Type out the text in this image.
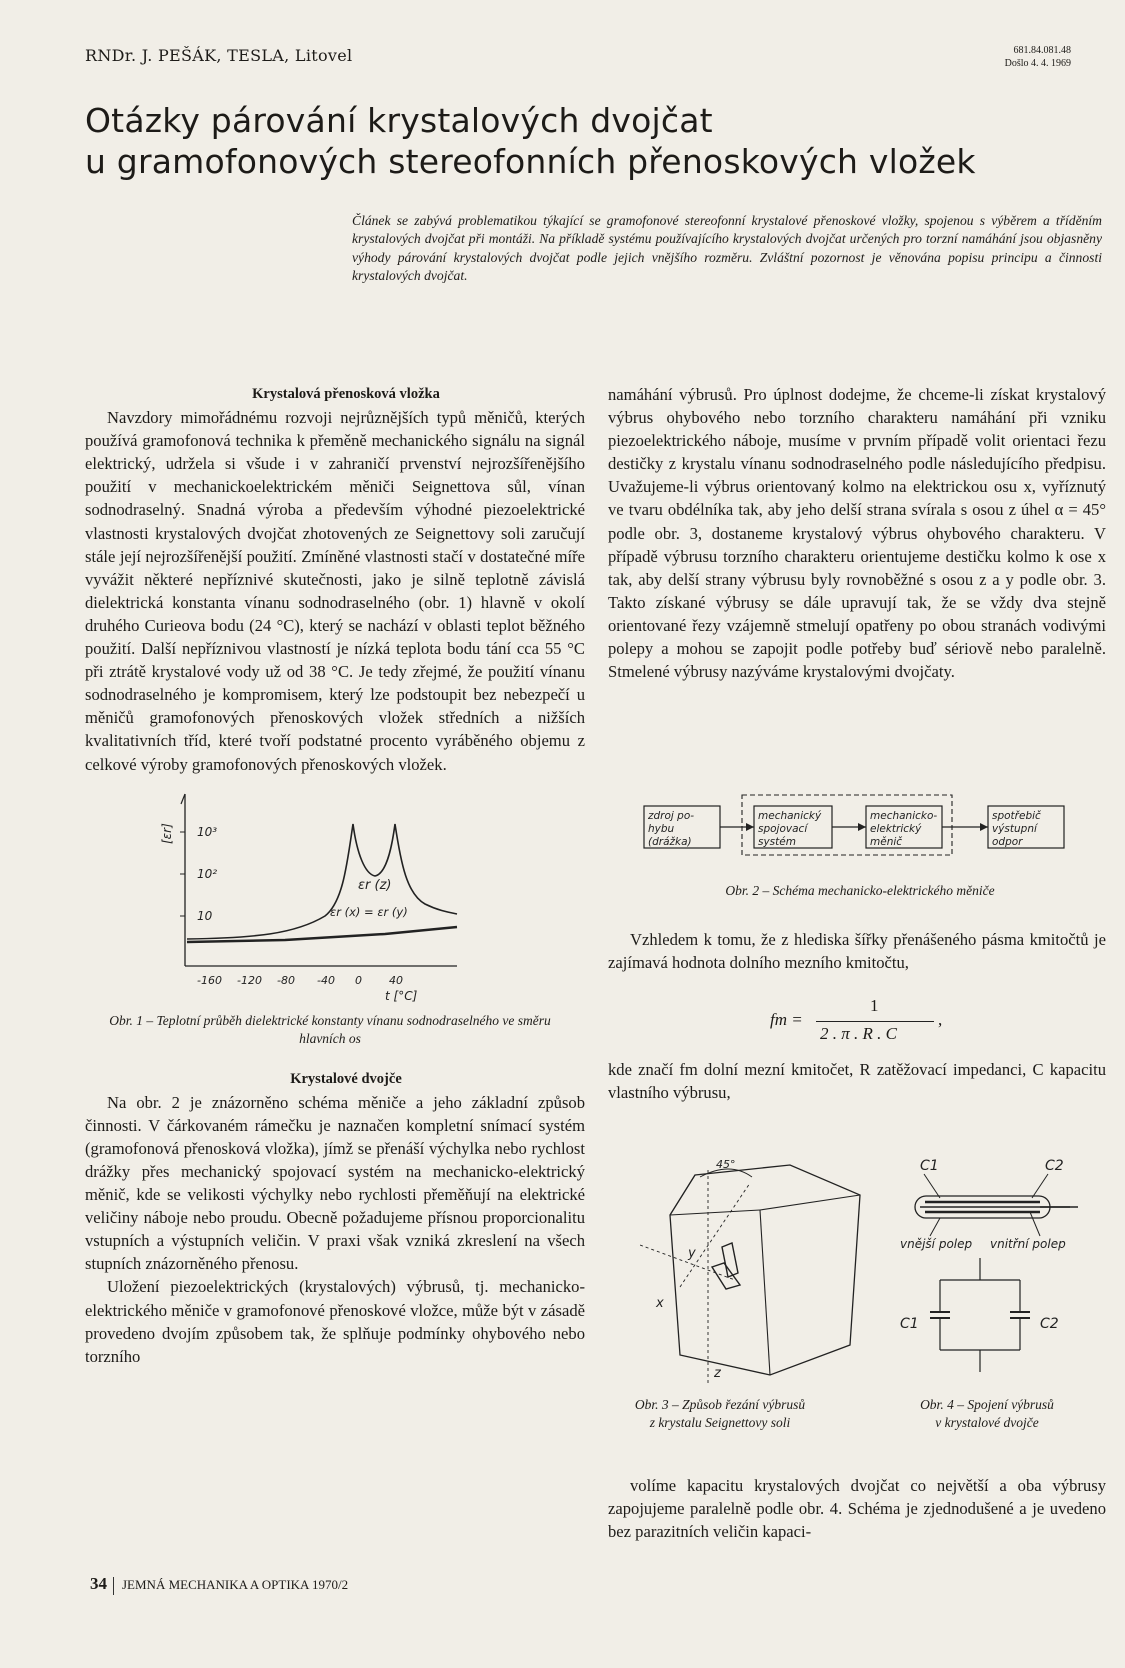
RNDr. J. PEŠÁK, TESLA, Litovel	681.84.081.48
Došlo 4. 4. 1969
Otázky párování krystalových dvojčat
u gramofonových stereofonních přenoskových vložek
Článek se zabývá problematikou týkající se gramofonové stereofonní krystalové přenoskové vložky, spojenou s výběrem a tříděním krystalových dvojčat při montáži. Na příkladě systému používajícího krystalových dvojčat určených pro torzní namáhání jsou objasněny výhody párování krystalových dvojčat podle jejich vnějšího rozměru. Zvláštní pozornost je věnována popisu principu a činnosti krystalových dvojčat.

Krystalová přenosková vložka

Navzdory mimořádnému rozvoji nejrůznějších typů měničů, kterých používá gramofonová technika k přeměně mechanického signálu na signál elektrický, udržela si všude i v zahraničí prvenství nejrozšířenějšího použití v mechanickoelektrickém měniči Seignettova sůl, vínan sodnodraselný. Snadná výroba a především výhodné piezoelektrické vlastnosti krystalových dvojčat zhotovených ze Seignettovy soli zaručují stále její nejrozšířenější použití. Zmíněné vlastnosti stačí v dostatečné míře vyvážit některé nepříznivé skutečnosti, jako je silně teplotně závislá dielektrická konstanta vínanu sodnodraselného (obr. 1) hlavně v okolí druhého Curieova bodu (24 °C), který se nachází v oblasti teplot běžného použití. Další nepříznivou vlastností je nízká teplota bodu tání cca 55 °C při ztrátě krystalové vody už od 38 °C. Je tedy zřejmé, že použití vínanu sodnodraselného je kompromisem, který lze podstoupit bez nebezpečí u měničů gramofonových přenoskových vložek středních a nižších kvalitativních tříd, které tvoří podstatné procento vyráběného objemu z celkové výroby gramofonových přenoskových vložek.

[εr] 10³
10²
10
εr (z)
εr (x) = εr (y)
-160 -120 -80 -40 0 40
t [°C]
Obr. 1 – Teplotní průběh dielektrické konstanty vínanu sodnodraselného ve směru hlavních os

Krystalové dvojče

Na obr. 2 je znázorněno schéma měniče a jeho základní způsob činnosti. V čárkovaném rámečku je naznačen kompletní snímací systém (gramofonová přenosková vložka), jímž se přenáší výchylka nebo rychlost drážky přes mechanický spojovací systém na mechanicko-elektrický měnič, kde se velikosti výchylky nebo rychlosti přeměňují na elektrické veličiny náboje nebo proudu. Obecně požadujeme přísnou proporcionalitu vstupních a výstupních veličin. V praxi však vzniká zkreslení na všech stupních znázorněného přenosu.

Uložení piezoelektrických (krystalových) výbrusů, tj. mechanicko-elektrického měniče v gramofonové přenoskové vložce, může být v zásadě provedeno dvojím způsobem tak, že splňuje podmínky ohybového nebo torzního

namáhání výbrusů. Pro úplnost dodejme, že chceme-li získat krystalový výbrus ohybového nebo torzního charakteru namáhání při vzniku piezoelektrického náboje, musíme v prvním případě volit orientaci řezu destičky z krystalu vínanu sodnodraselného podle následujícího předpisu. Uvažujeme-li výbrus orientovaný kolmo na elektrickou osu x, vyříznutý ve tvaru obdélníka tak, aby jeho delší strana svírala s osou z úhel α = 45° podle obr. 3, dostaneme krystalový výbrus ohybového charakteru. V případě výbrusu torzního charakteru orientujeme destičku kolmo k ose x tak, aby delší strany výbrusu byly rovnoběžné s osou z a y podle obr. 3. Takto získané výbrusy se dále upravují tak, že se vždy dva stejně orientované řezy vzájemně stmelují opatřeny po obou stranách vodivými polepy a mohou se zapojit podle potřeby buď sériově nebo paralelně. Stmelené výbrusy nazýváme krystalovými dvojčaty.

zdroj po-
hybu
(drážka)
mechanický
spojovací
systém
mechanicko-
elektrický
měnič
spotřebič
výstupní
odpor
Obr. 2 – Schéma mechanicko-elektrického měniče

Vzhledem k tomu, že z hlediska šířky přenášeného pásma kmitočtů je zajímavá hodnota dolního mezního kmitočtu,

fm =
1
2 . π . R . C
,

kde značí fm dolní mezní kmitočet, R zatěžovací impedanci, C kapacitu vlastního výbrusu,

45°
y
x
z
Obr. 3 – Způsob řezání výbrusů
z krystalu Seignettovy soli
C1	C2
vnější polep vnitřní polep
C1	C2
Obr. 4 – Spojení výbrusů
v krystalové dvojče

volíme kapacitu krystalových dvojčat co největší a oba výbrusy zapojujeme paralelně podle obr. 4. Schéma je zjednodušené a je uvedeno bez parazitních veličin kapaci-

34 JEMNÁ MECHANIKA A OPTIKA 1970/2
